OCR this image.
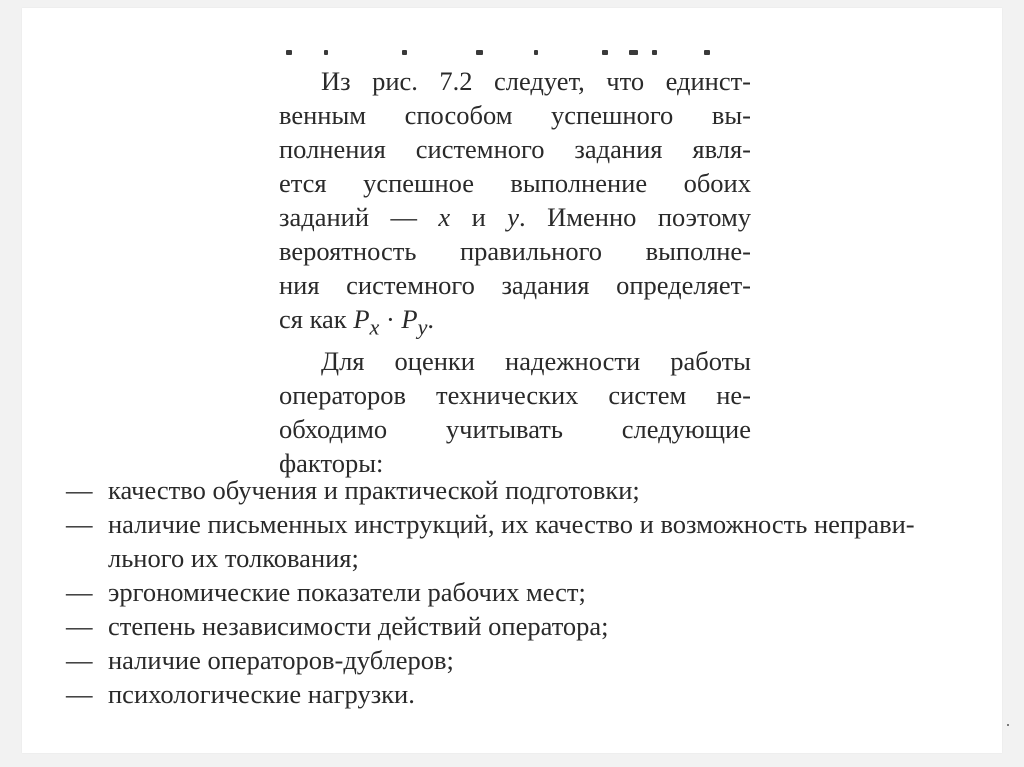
Из рис. 7.2 следует, что единст-
венным способом успешного вы-
полнения системного задания явля-
ется успешное выполнение обоих
заданий — x и y. Именно поэтому
вероятность правильного выполне-
ния системного задания определяет-
ся как $P_x \cdot P_y$.
Для оценки надежности работы
операторов технических систем не-
обходимо учитывать следующие
факторы:
— качество обучения и практической подготовки;
— наличие письменных инструкций, их качество и возможность неправи-
льного их толкования;
— эргономические показатели рабочих мест;
— степень независимости действий оператора;
— наличие операторов-дублеров;
— психологические нагрузки.
